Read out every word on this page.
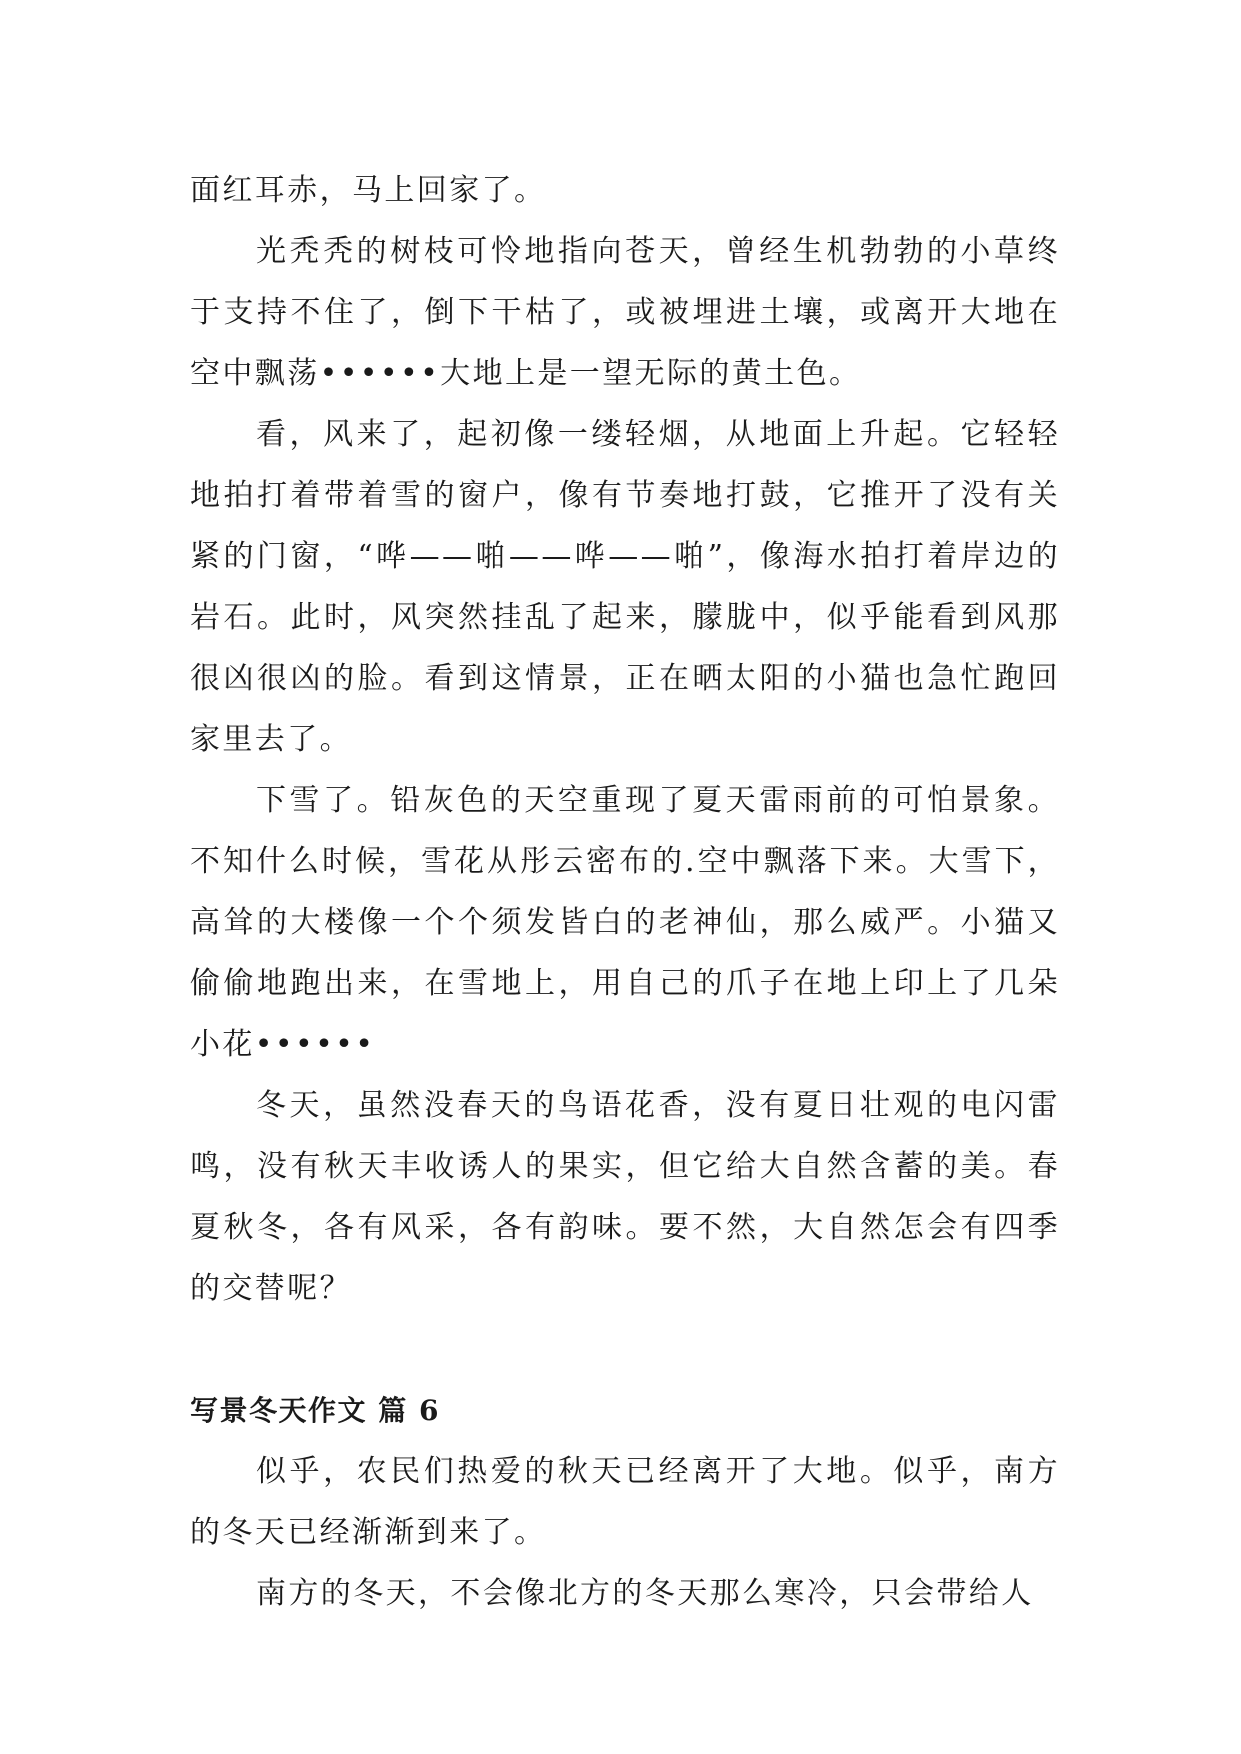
面红耳赤，马上回家了。

光秃秃的树枝可怜地指向苍天，曾经生机勃勃的小草终于支持不住了，倒下干枯了，或被埋进土壤，或离开大地在空中飘荡••••••大地上是一望无际的黄土色。

看，风来了，起初像一缕轻烟，从地面上升起。它轻轻地拍打着带着雪的窗户，像有节奏地打鼓，它推开了没有关紧的门窗，“哗——啪——哗——啪”，像海水拍打着岸边的岩石。此时，风突然挂乱了起来，朦胧中，似乎能看到风那很凶很凶的脸。看到这情景，正在晒太阳的小猫也急忙跑回家里去了。

下雪了。铅灰色的天空重现了夏天雷雨前的可怕景象。不知什么时候，雪花从彤云密布的.空中飘落下来。大雪下，高耸的大楼像一个个须发皆白的老神仙，那么威严。小猫又偷偷地跑出来，在雪地上，用自己的爪子在地上印上了几朵小花••••••

冬天，虽然没春天的鸟语花香，没有夏日壮观的电闪雷鸣，没有秋天丰收诱人的果实，但它给大自然含蓄的美。春夏秋冬，各有风采，各有韵味。要不然，大自然怎会有四季的交替呢？

写景冬天作文 篇 6

似乎，农民们热爱的秋天已经离开了大地。似乎，南方的冬天已经渐渐到来了。

南方的冬天，不会像北方的冬天那么寒冷，只会带给人
